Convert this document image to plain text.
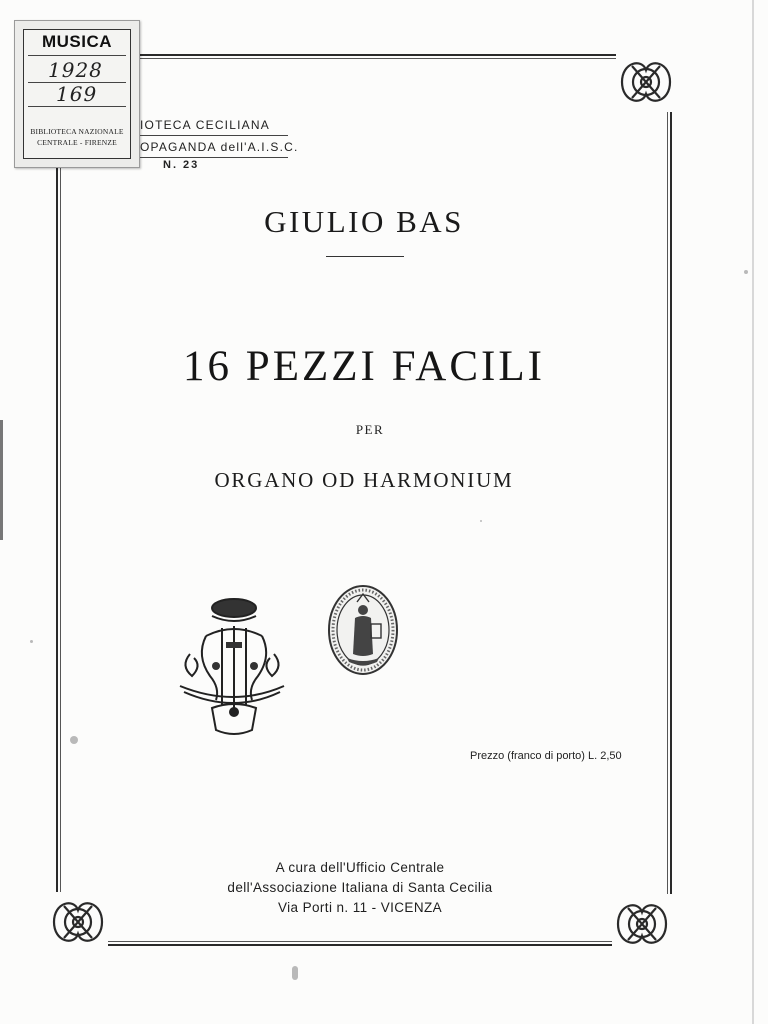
MUSICA
1928
169
BIBLIOTECA NAZIONALE
CENTRALE - FIRENZE
IOTECA CECILIANA
OPAGANDA dell'A.I.S.C.
N. 23
GIULIO BAS
16 PEZZI FACILI
PER
ORGANO OD HARMONIUM
Prezzo (franco di porto) L. 2,50
A cura dell'Ufficio Centrale
dell'Associazione Italiana di Santa Cecilia
Via Porti n. 11 - VICENZA
